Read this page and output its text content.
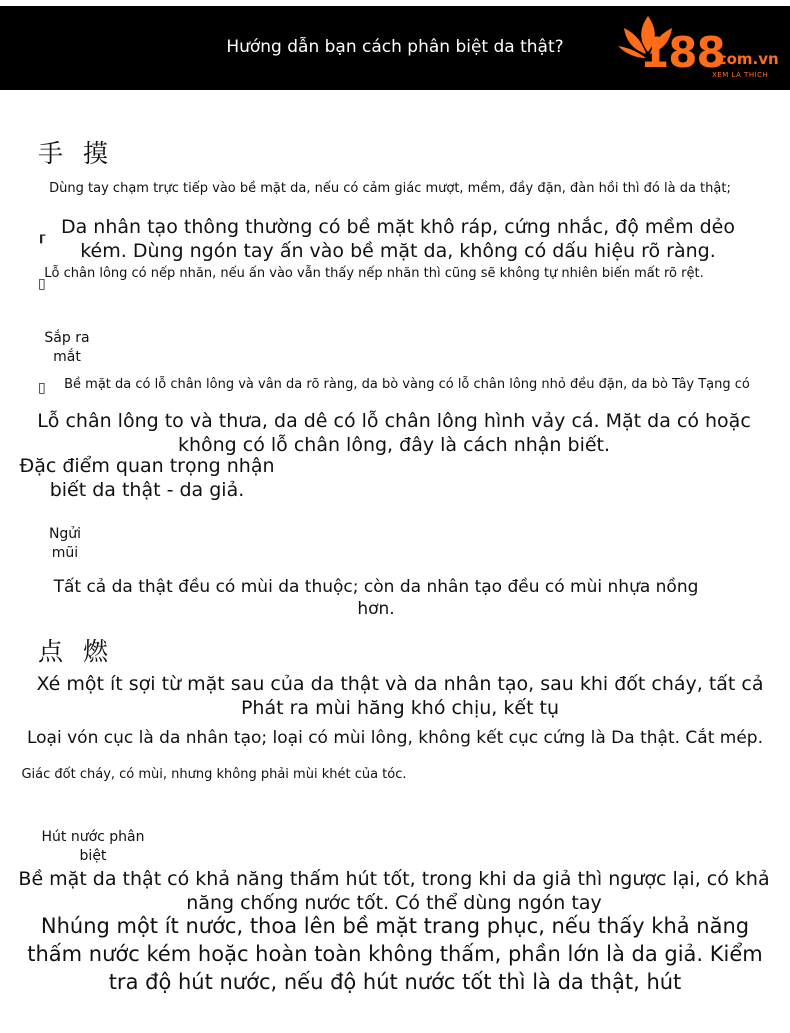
Hướng dẫn bạn cách phân biệt da thật?	188
.com.vn
XEM LÀ THÍCH
手 摸
Dùng tay chạm trực tiếp vào bề mặt da, nếu có cảm giác mượt, mềm, đầy đặn, đàn hồi thì đó là da thật;
Da nhân tạo thông thường có bề mặt khô ráp, cứng nhắc, độ mềm dẻo kém. Dùng ngón tay ấn vào bề mặt da, không có dấu hiệu rõ ràng.
┎
▯
Lỗ chân lông có nếp nhăn, nếu ấn vào vẫn thấy nếp nhăn thì cũng sẽ không tự nhiên biến mất rõ rệt.
Sắp ra mắt
▯	Bề mặt da có lỗ chân lông và vân da rõ ràng, da bò vàng có lỗ chân lông nhỏ đều đặn, da bò Tây Tạng có
Lỗ chân lông to và thưa, da dê có lỗ chân lông hình vảy cá. Mặt da có hoặc không có lỗ chân lông, đây là cách nhận biết.
Đặc điểm quan trọng nhận biết da thật - da giả.
Ngửi mũi
Tất cả da thật đều có mùi da thuộc; còn da nhân tạo đều có mùi nhựa nồng hơn.
点 燃
Xé một ít sợi từ mặt sau của da thật và da nhân tạo, sau khi đốt cháy, tất cả Phát ra mùi hăng khó chịu, kết tụ
Loại vón cục là da nhân tạo; loại có mùi lông, không kết cục cứng là Da thật. Cắt mép.
Giác đốt cháy, có mùi, nhưng không phải mùi khét của tóc.
Hút nước phân biệt
Bề mặt da thật có khả năng thấm hút tốt, trong khi da giả thì ngược lại, có khả năng chống nước tốt. Có thể dùng ngón tay
Nhúng một ít nước, thoa lên bề mặt trang phục, nếu thấy khả năng thấm nước kém hoặc hoàn toàn không thấm, phần lớn là da giả. Kiểm tra độ hút nước, nếu độ hút nước tốt thì là da thật, hút
